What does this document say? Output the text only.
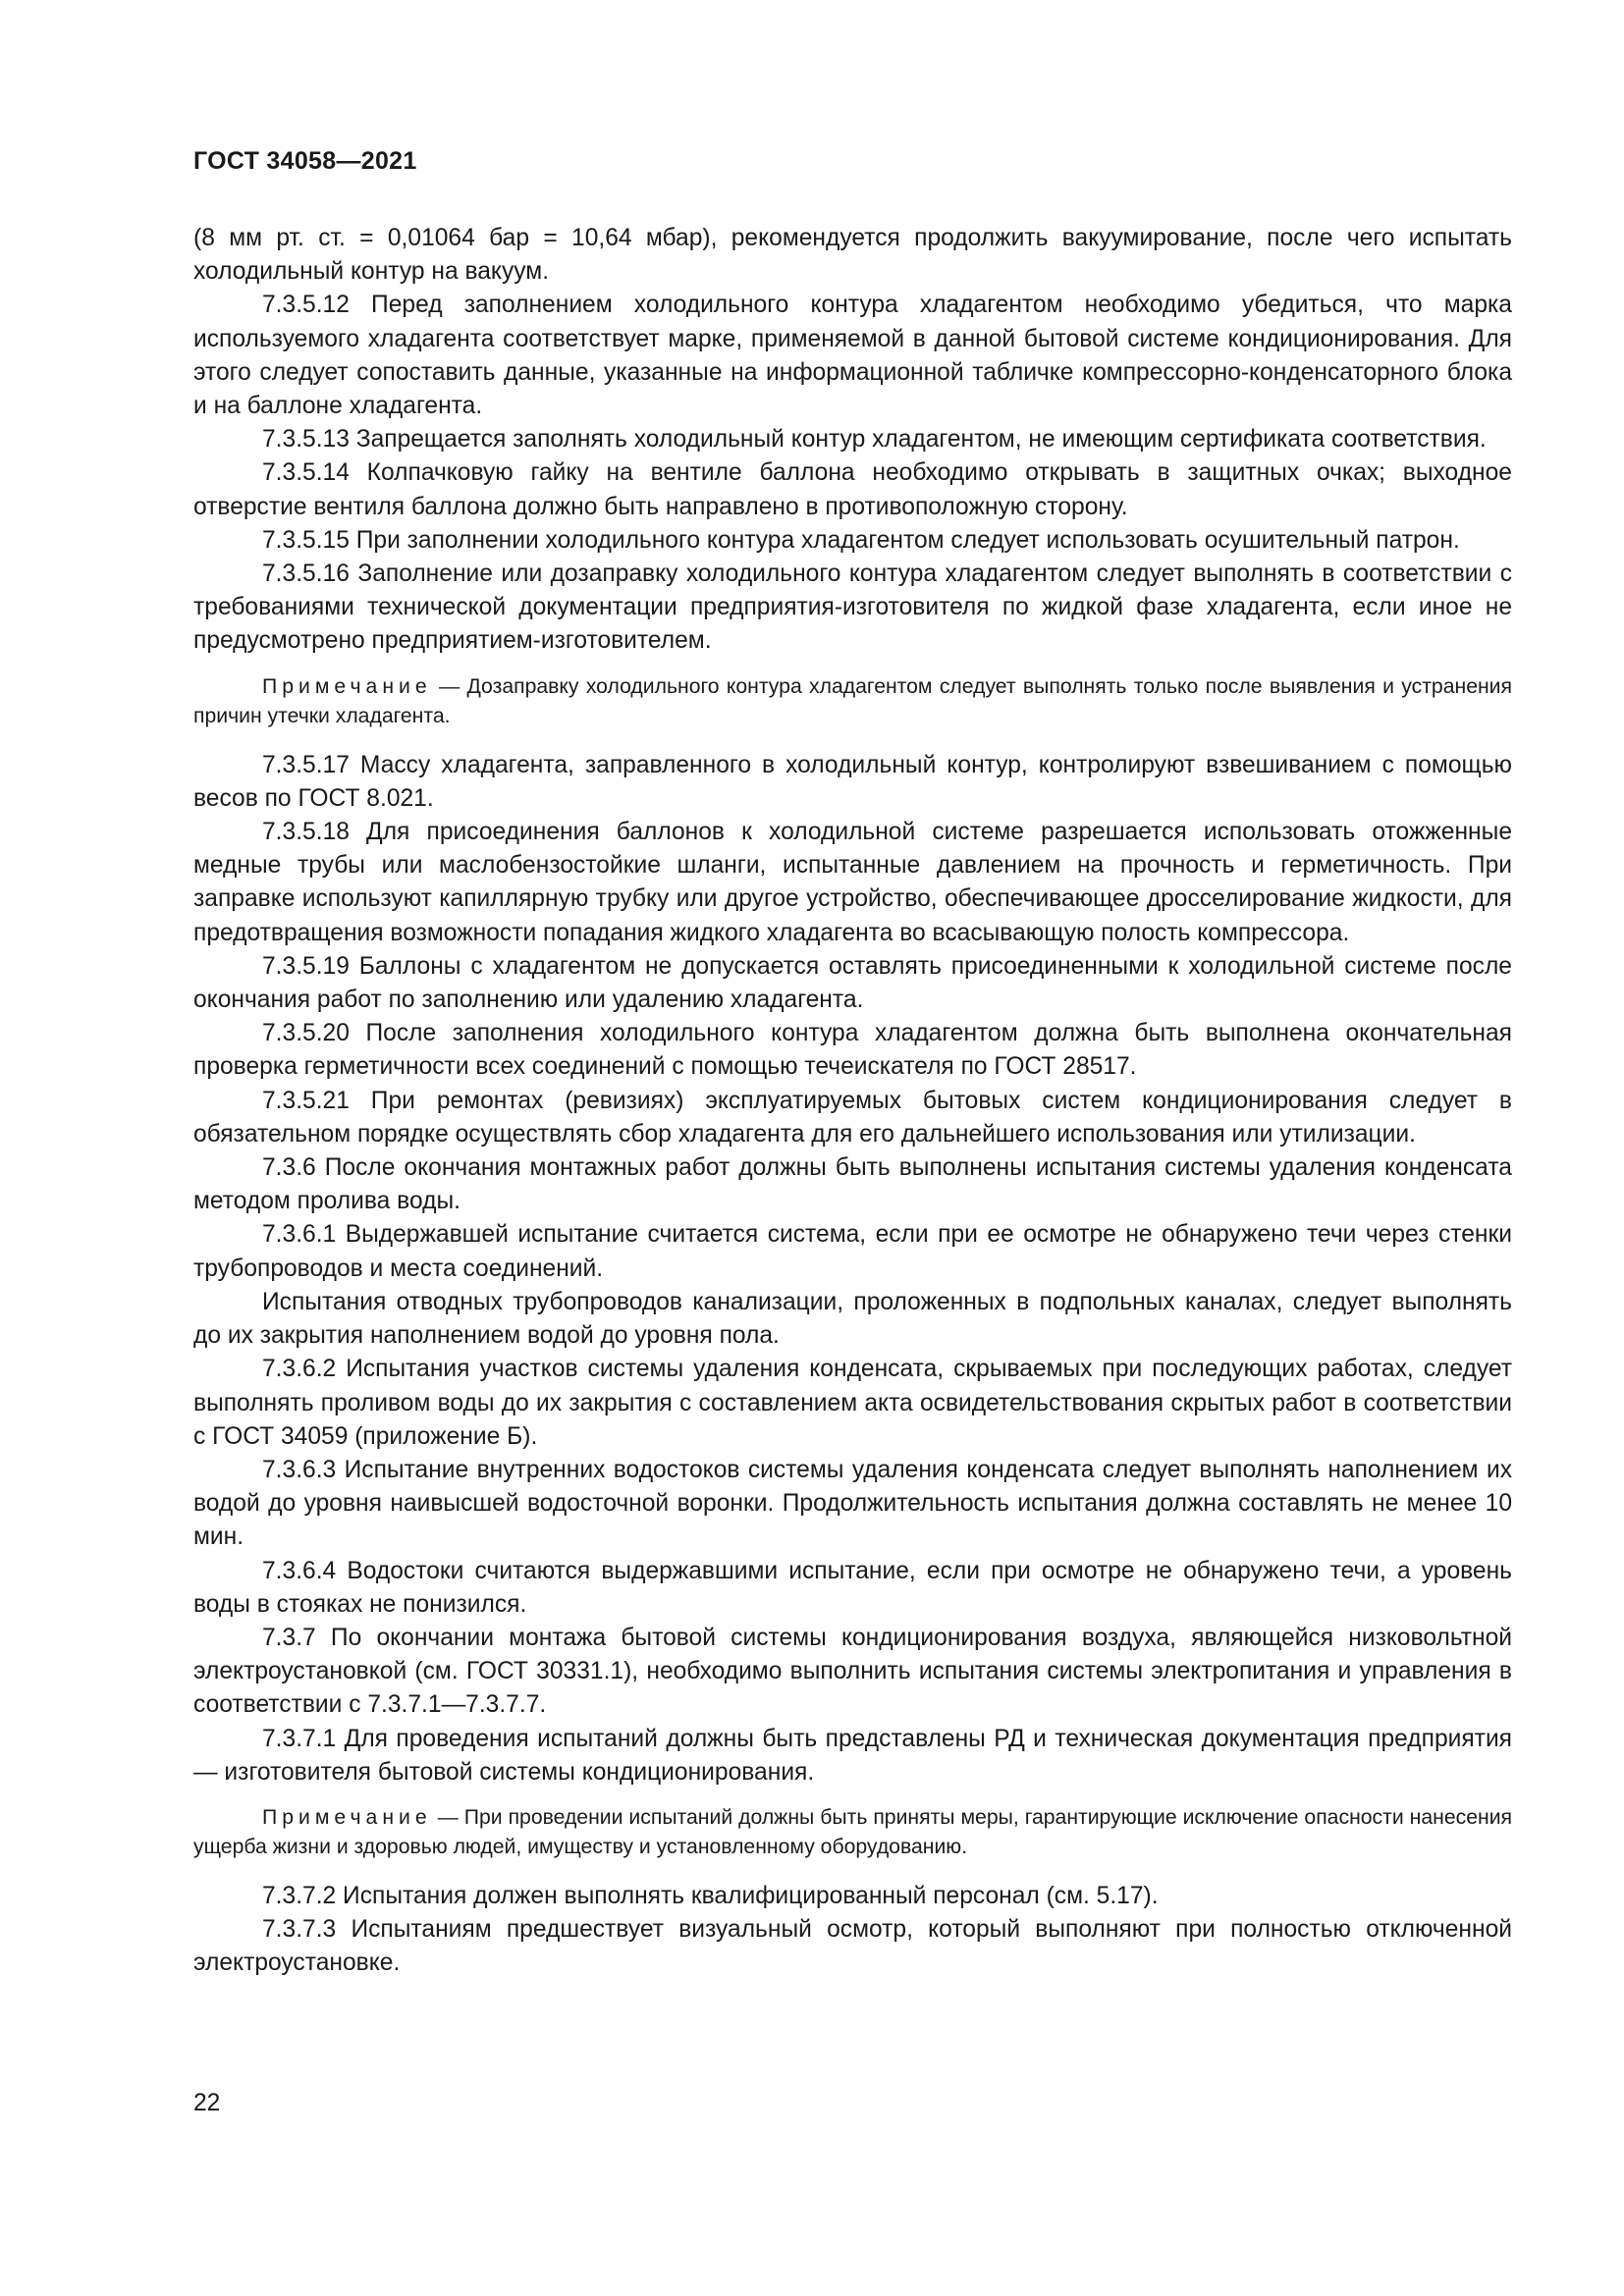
ГОСТ 34058—2021

(8 мм рт. ст. = 0,01064 бар = 10,64 мбар), рекомендуется продолжить вакуумирование, после чего испытать холодильный контур на вакуум.

7.3.5.12 Перед заполнением холодильного контура хладагентом необходимо убедиться, что марка используемого хладагента соответствует марке, применяемой в данной бытовой системе кондиционирования. Для этого следует сопоставить данные, указанные на информационной табличке компрессорно-конденсаторного блока и на баллоне хладагента.

7.3.5.13 Запрещается заполнять холодильный контур хладагентом, не имеющим сертификата соответствия.

7.3.5.14 Колпачковую гайку на вентиле баллона необходимо открывать в защитных очках; выходное отверстие вентиля баллона должно быть направлено в противоположную сторону.

7.3.5.15 При заполнении холодильного контура хладагентом следует использовать осушительный патрон.

7.3.5.16 Заполнение или дозаправку холодильного контура хладагентом следует выполнять в соответствии с требованиями технической документации предприятия-изготовителя по жидкой фазе хладагента, если иное не предусмотрено предприятием-изготовителем.

Примечание — Дозаправку холодильного контура хладагентом следует выполнять только после выявления и устранения причин утечки хладагента.

7.3.5.17 Массу хладагента, заправленного в холодильный контур, контролируют взвешиванием с помощью весов по ГОСТ 8.021.

7.3.5.18 Для присоединения баллонов к холодильной системе разрешается использовать отожженные медные трубы или маслобензостойкие шланги, испытанные давлением на прочность и герметичность. При заправке используют капиллярную трубку или другое устройство, обеспечивающее дросселирование жидкости, для предотвращения возможности попадания жидкого хладагента во всасывающую полость компрессора.

7.3.5.19 Баллоны с хладагентом не допускается оставлять присоединенными к холодильной системе после окончания работ по заполнению или удалению хладагента.

7.3.5.20 После заполнения холодильного контура хладагентом должна быть выполнена окончательная проверка герметичности всех соединений с помощью течеискателя по ГОСТ 28517.

7.3.5.21 При ремонтах (ревизиях) эксплуатируемых бытовых систем кондиционирования следует в обязательном порядке осуществлять сбор хладагента для его дальнейшего использования или утилизации.

7.3.6 После окончания монтажных работ должны быть выполнены испытания системы удаления конденсата методом пролива воды.

7.3.6.1 Выдержавшей испытание считается система, если при ее осмотре не обнаружено течи через стенки трубопроводов и места соединений.

Испытания отводных трубопроводов канализации, проложенных в подпольных каналах, следует выполнять до их закрытия наполнением водой до уровня пола.

7.3.6.2 Испытания участков системы удаления конденсата, скрываемых при последующих работах, следует выполнять проливом воды до их закрытия с составлением акта освидетельствования скрытых работ в соответствии с ГОСТ 34059 (приложение Б).

7.3.6.3 Испытание внутренних водостоков системы удаления конденсата следует выполнять наполнением их водой до уровня наивысшей водосточной воронки. Продолжительность испытания должна составлять не менее 10 мин.

7.3.6.4 Водостоки считаются выдержавшими испытание, если при осмотре не обнаружено течи, а уровень воды в стояках не понизился.

7.3.7 По окончании монтажа бытовой системы кондиционирования воздуха, являющейся низковольтной электроустановкой (см. ГОСТ 30331.1), необходимо выполнить испытания системы электропитания и управления в соответствии с 7.3.7.1—7.3.7.7.

7.3.7.1 Для проведения испытаний должны быть представлены РД и техническая документация предприятия — изготовителя бытовой системы кондиционирования.

Примечание — При проведении испытаний должны быть приняты меры, гарантирующие исключение опасности нанесения ущерба жизни и здоровью людей, имуществу и установленному оборудованию.

7.3.7.2 Испытания должен выполнять квалифицированный персонал (см. 5.17).

7.3.7.3 Испытаниям предшествует визуальный осмотр, который выполняют при полностью отключенной электроустановке.

22
